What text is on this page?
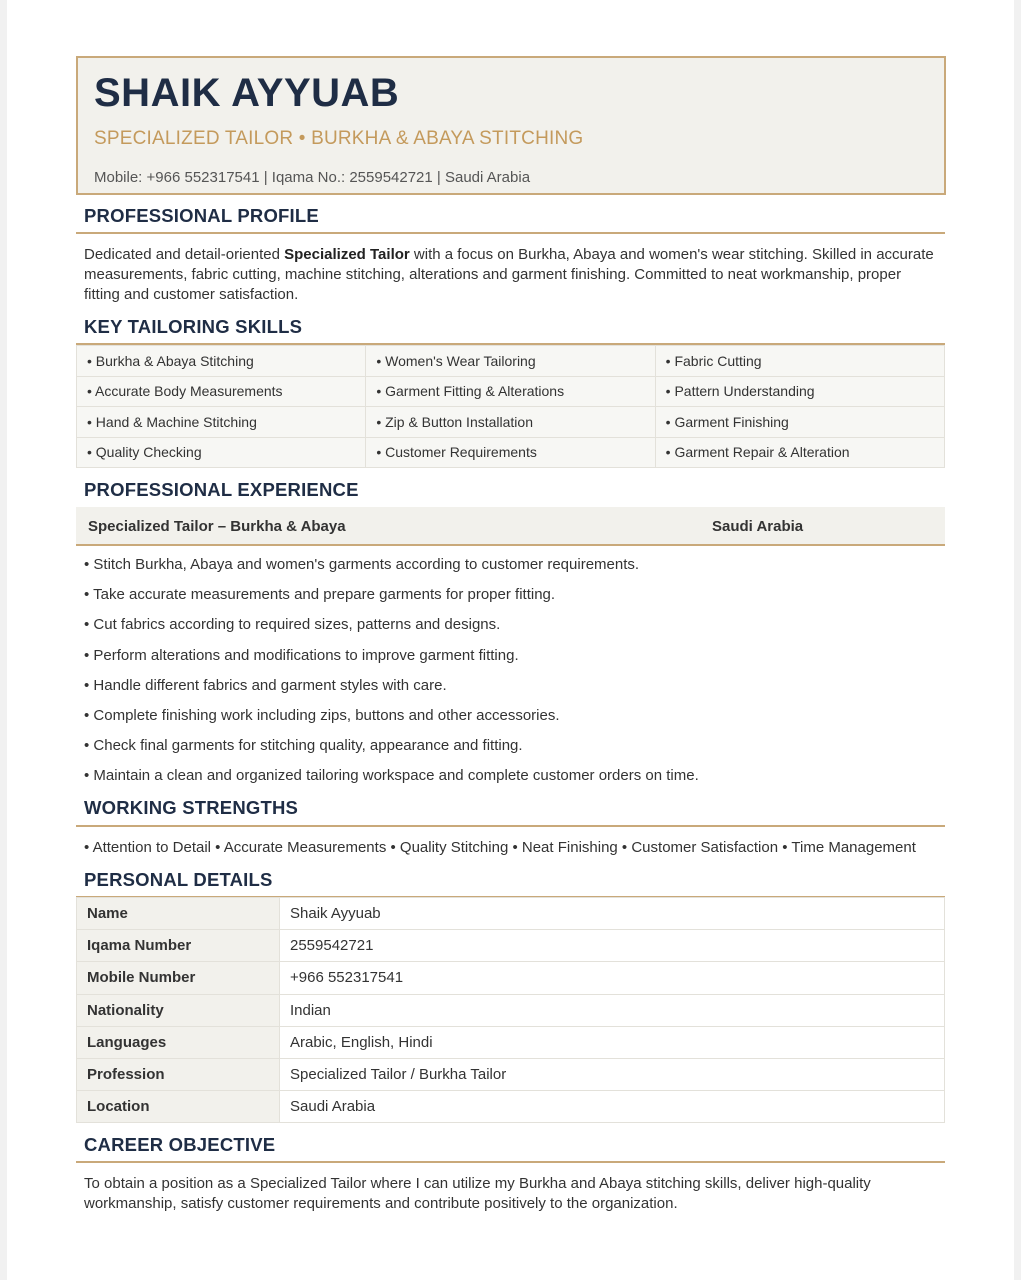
SHAIK AYYUAB
SPECIALIZED TAILOR • BURKHA & ABAYA STITCHING
Mobile: +966 552317541 | Iqama No.: 2559542721 | Saudi Arabia
PROFESSIONAL PROFILE
Dedicated and detail-oriented Specialized Tailor with a focus on Burkha, Abaya and women's wear stitching. Skilled in accurate measurements, fabric cutting, machine stitching, alterations and garment finishing. Committed to neat workmanship, proper fitting and customer satisfaction.
KEY TAILORING SKILLS
• Burkha & Abaya Stitching	• Women's Wear Tailoring	• Fabric Cutting
• Accurate Body Measurements	• Garment Fitting & Alterations	• Pattern Understanding
• Hand & Machine Stitching	• Zip & Button Installation	• Garment Finishing
• Quality Checking	• Customer Requirements	• Garment Repair & Alteration
PROFESSIONAL EXPERIENCE
Specialized Tailor – Burkha & Abaya	Saudi Arabia
• Stitch Burkha, Abaya and women's garments according to customer requirements.
• Take accurate measurements and prepare garments for proper fitting.
• Cut fabrics according to required sizes, patterns and designs.
• Perform alterations and modifications to improve garment fitting.
• Handle different fabrics and garment styles with care.
• Complete finishing work including zips, buttons and other accessories.
• Check final garments for stitching quality, appearance and fitting.
• Maintain a clean and organized tailoring workspace and complete customer orders on time.
WORKING STRENGTHS
• Attention to Detail • Accurate Measurements • Quality Stitching • Neat Finishing • Customer Satisfaction • Time Management
PERSONAL DETAILS
Name	Shaik Ayyuab
Iqama Number	2559542721
Mobile Number	+966 552317541
Nationality	Indian
Languages	Arabic, English, Hindi
Profession	Specialized Tailor / Burkha Tailor
Location	Saudi Arabia
CAREER OBJECTIVE
To obtain a position as a Specialized Tailor where I can utilize my Burkha and Abaya stitching skills, deliver high-quality workmanship, satisfy customer requirements and contribute positively to the organization.
